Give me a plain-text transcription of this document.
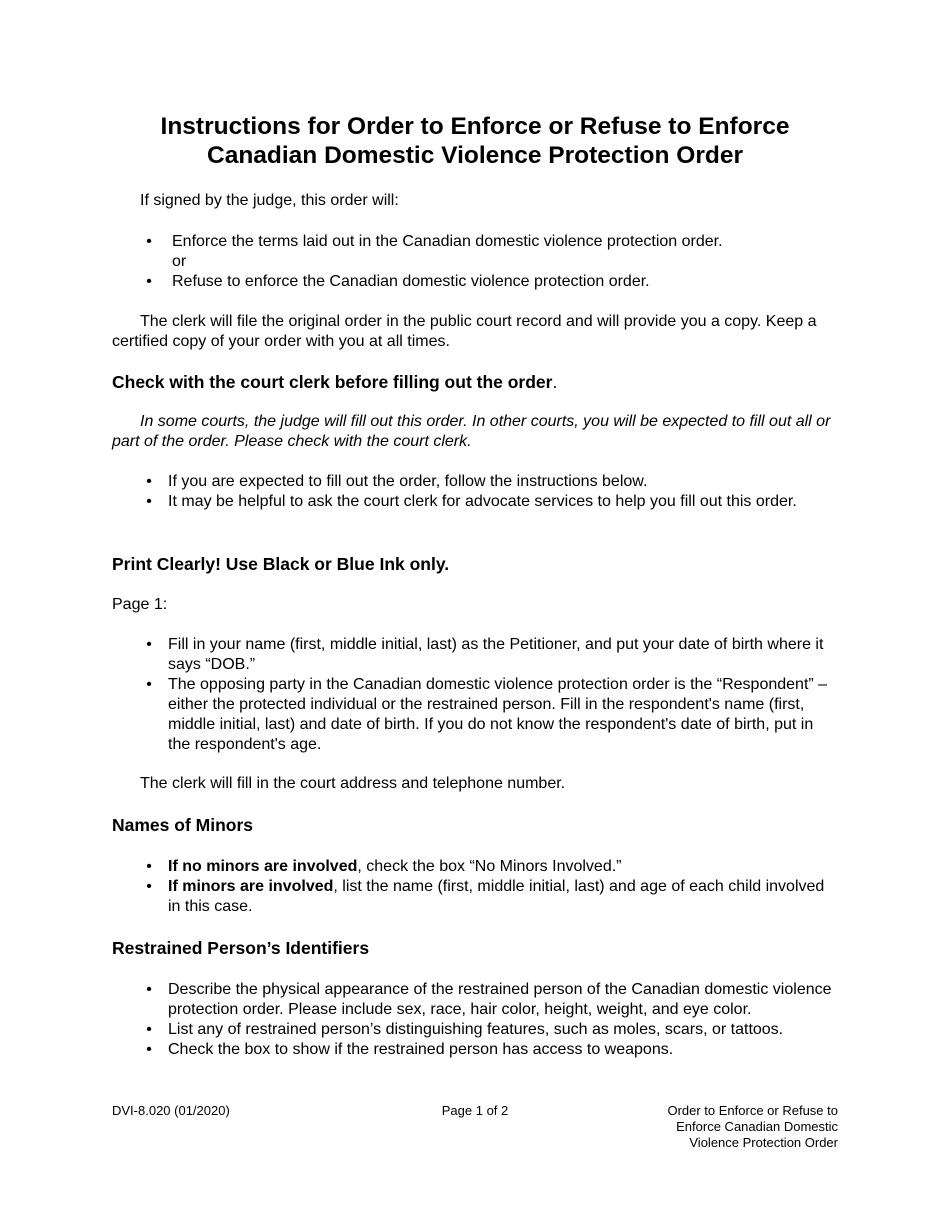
Instructions for Order to Enforce or Refuse to Enforce
Canadian Domestic Violence Protection Order

If signed by the judge, this order will:

• Enforce the terms laid out in the Canadian domestic violence protection order.
or
• Refuse to enforce the Canadian domestic violence protection order.

The clerk will file the original order in the public court record and will provide you a copy. Keep a certified copy of your order with you at all times.

Check with the court clerk before filling out the order.

In some courts, the judge will fill out this order. In other courts, you will be expected to fill out all or part of the order. Please check with the court clerk.

• If you are expected to fill out the order, follow the instructions below.
• It may be helpful to ask the court clerk for advocate services to help you fill out this order.
Print Clearly! Use Black or Blue Ink only.

Page 1:

• Fill in your name (first, middle initial, last) as the Petitioner, and put your date of birth where it says “DOB.”
• The opposing party in the Canadian domestic violence protection order is the “Respondent” – either the protected individual or the restrained person. Fill in the respondent's name (first, middle initial, last) and date of birth. If you do not know the respondent's date of birth, put in the respondent's age.

The clerk will fill in the court address and telephone number.

Names of Minors
• If no minors are involved, check the box “No Minors Involved.”
• If minors are involved, list the name (first, middle initial, last) and age of each child involved in this case.
Restrained Person’s Identifiers
• Describe the physical appearance of the restrained person of the Canadian domestic violence protection order. Please include sex, race, hair color, height, weight, and eye color.
• List any of restrained person’s distinguishing features, such as moles, scars, or tattoos.
• Check the box to show if the restrained person has access to weapons.

DVI-8.020 (01/2020)	Page 1 of 2	Order to Enforce or Refuse to
Enforce Canadian Domestic
Violence Protection Order
